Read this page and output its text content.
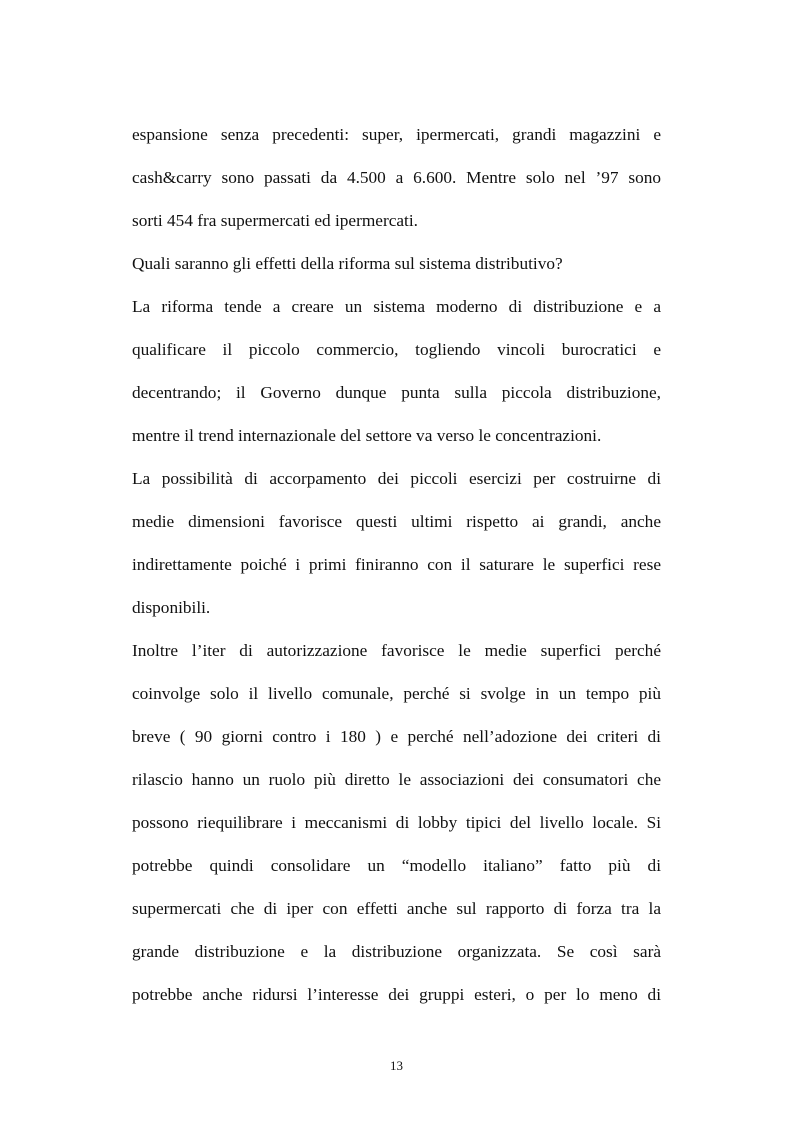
espansione senza precedenti: super, ipermercati, grandi magazzini e
cash&carry sono passati da 4.500 a 6.600. Mentre solo nel ’97 sono
sorti 454 fra supermercati ed ipermercati.
Quali saranno gli effetti della riforma sul sistema distributivo?
La riforma tende a creare un sistema moderno di distribuzione e a
qualificare il piccolo commercio, togliendo vincoli burocratici e
decentrando; il Governo dunque punta sulla piccola distribuzione,
mentre il trend internazionale del settore va verso le concentrazioni.
La possibilità di accorpamento dei piccoli esercizi per costruirne di
medie dimensioni favorisce questi ultimi rispetto ai grandi, anche
indirettamente poiché i primi finiranno con il saturare le superfici rese
disponibili.
Inoltre l’iter di autorizzazione favorisce le medie superfici perché
coinvolge solo il livello comunale, perché si svolge in un tempo più
breve ( 90 giorni contro i 180 ) e perché nell’adozione dei criteri di
rilascio hanno un ruolo più diretto le associazioni dei consumatori che
possono riequilibrare i meccanismi di lobby tipici del livello locale. Si
potrebbe quindi consolidare un “modello italiano” fatto più di
supermercati che di iper con effetti anche sul rapporto di forza tra la
grande distribuzione e la distribuzione organizzata. Se così sarà
potrebbe anche ridursi l’interesse dei gruppi esteri, o per lo meno di
13
